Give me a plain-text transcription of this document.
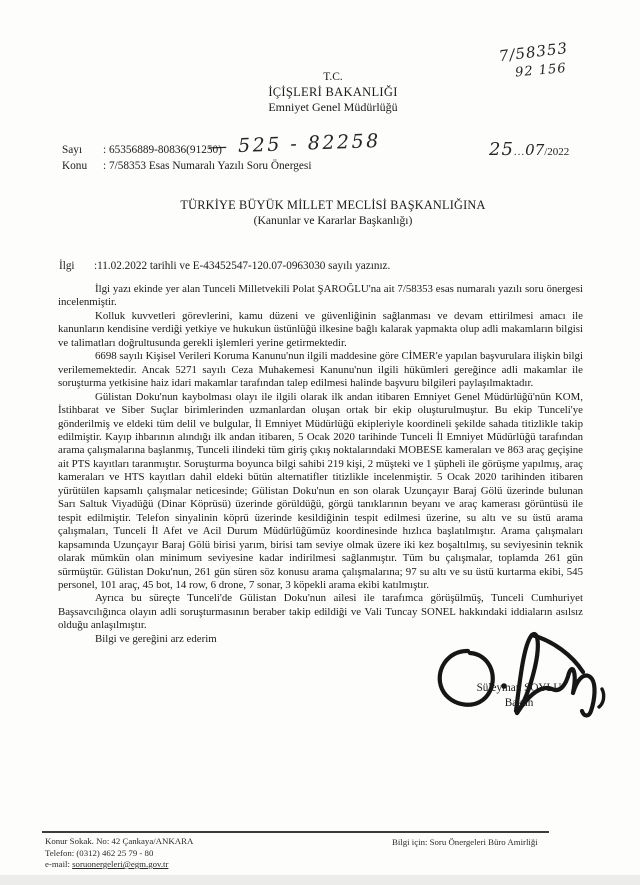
7/58353
92 156
T.C.
İÇİŞLERİ BAKANLIĞI
Emniyet Genel Müdürlüğü
Sayı : 65356889-80836(91250)
Konu : 7/58353 Esas Numaralı Yazılı Soru Önergesi
— 525 - 82258	25...07/2022
TÜRKİYE BÜYÜK MİLLET MECLİSİ BAŞKANLIĞINA
(Kanunlar ve Kararlar Başkanlığı)
İlgi :11.02.2022 tarihli ve E-43452547-120.07-0963030 sayılı yazınız.

İlgi yazı ekinde yer alan Tunceli Milletvekili Polat ŞAROĞLU'na ait 7/58353 esas numaralı yazılı soru önergesi incelenmiştir.

Kolluk kuvvetleri görevlerini, kamu düzeni ve güvenliğinin sağlanması ve devam ettirilmesi amacı ile kanunların kendisine verdiği yetkiye ve hukukun üstünlüğü ilkesine bağlı kalarak yapmakta olup adli makamların bilgisi ve talimatları doğrultusunda gerekli işlemleri yerine getirmektedir.

6698 sayılı Kişisel Verileri Koruma Kanunu'nun ilgili maddesine göre CİMER'e yapılan başvurulara ilişkin bilgi verilememektedir. Ancak 5271 sayılı Ceza Muhakemesi Kanunu'nun ilgili hükümleri gereğince adli makamlar ile soruşturma yetkisine haiz idari makamlar tarafından talep edilmesi halinde başvuru bilgileri paylaşılmaktadır.

Gülistan Doku'nun kaybolması olayı ile ilgili olarak ilk andan itibaren Emniyet Genel Müdürlüğü'nün KOM, İstihbarat ve Siber Suçlar birimlerinden uzmanlardan oluşan ortak bir ekip oluşturulmuştur. Bu ekip Tunceli'ye gönderilmiş ve eldeki tüm delil ve bulgular, İl Emniyet Müdürlüğü ekipleriyle koordineli şekilde sahada titizlikle takip edilmiştir. Kayıp ihbarının alındığı ilk andan itibaren, 5 Ocak 2020 tarihinde Tunceli İl Emniyet Müdürlüğü tarafından arama çalışmalarına başlanmış, Tunceli ilindeki tüm giriş çıkış noktalarındaki MOBESE kameraları ve 863 araç geçişine ait PTS kayıtları taranmıştır. Soruşturma boyunca bilgi sahibi 219 kişi, 2 müşteki ve 1 şüpheli ile görüşme yapılmış, araç kameraları ve HTS kayıtları dahil eldeki bütün alternatifler titizlikle incelenmiştir. 5 Ocak 2020 tarihinden itibaren yürütülen kapsamlı çalışmalar neticesinde; Gülistan Doku'nun en son olarak Uzunçayır Baraj Gölü üzerinde bulunan Sarı Saltuk Viyadüğü (Dinar Köprüsü) üzerinde görüldüğü, görgü tanıklarının beyanı ve araç kamerası görüntüsü ile tespit edilmiştir. Telefon sinyalinin köprü üzerinde kesildiğinin tespit edilmesi üzerine, su altı ve su üstü arama çalışmaları, Tunceli İl Afet ve Acil Durum Müdürlüğümüz koordinesinde hızlıca başlatılmıştır. Arama çalışmaları kapsamında Uzunçayır Baraj Gölü birisi yarım, birisi tam seviye olmak üzere iki kez boşaltılmış, su seviyesinin teknik olarak mümkün olan minimum seviyesine kadar indirilmesi sağlanmıştır. Tüm bu çalışmalar, toplamda 261 gün sürmüştür. Gülistan Doku'nun, 261 gün süren söz konusu arama çalışmalarına; 97 su altı ve su üstü kurtarma ekibi, 545 personel, 101 araç, 45 bot, 14 row, 6 drone, 7 sonar, 3 köpekli arama ekibi katılmıştır.

Ayrıca bu süreçte Tunceli'de Gülistan Doku'nun ailesi ile tarafımca görüşülmüş, Tunceli Cumhuriyet Başsavcılığınca olayın adli soruşturmasının beraber takip edildiği ve Vali Tuncay SONEL hakkındaki iddiaların asılsız olduğu anlaşılmıştır.

Bilgi ve gereğini arz ederim

Süleyman SOYLU
Bakan
Konur Sokak. No: 42 Çankaya/ANKARA
Telefon: (0312) 462 25 79 - 80
e-mail: soruonergeleri@egm.gov.tr
Bilgi için: Soru Önergeleri Büro Amirliği
